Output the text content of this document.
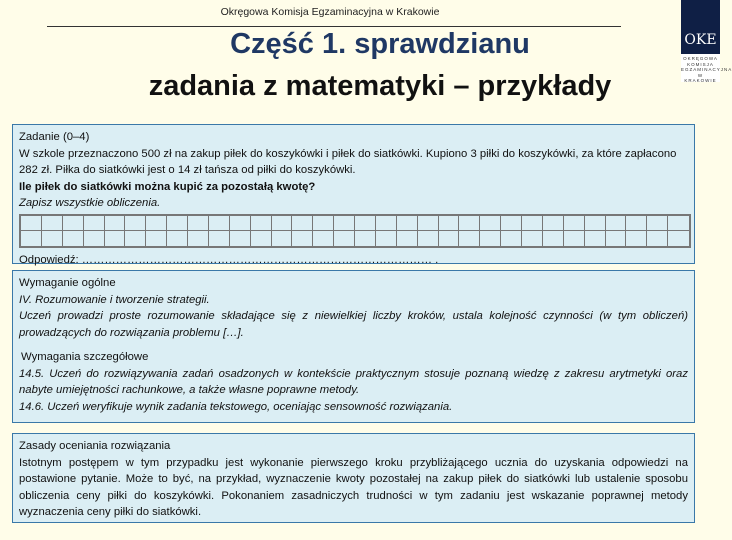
Okręgowa Komisja Egzaminacyjna w Krakowie
Część 1. sprawdzianu
zadania z matematyki – przykłady
OKE
OKRĘGOWA KOMISJA EGZAMINACYJNA W KRAKOWIE
Zadanie (0–4)
W szkole przeznaczono 500 zł na zakup piłek do koszykówki i piłek do siatkówki. Kupiono 3 piłki do koszykówki, za które zapłacono 282 zł. Piłka do siatkówki jest o 14 zł tańsza od piłki do koszykówki.
Ile piłek do siatkówki można kupić za pozostałą kwotę?
Zapisz wszystkie obliczenia.
Odpowiedź: ………………………………………………………………………………… .
Wymaganie ogólne
IV. Rozumowanie i tworzenie strategii.
Uczeń prowadzi proste rozumowanie składające się z niewielkiej liczby kroków, ustala kolejność czynności (w tym obliczeń) prowadzących do rozwiązania problemu […].
Wymagania szczegółowe
14.5. Uczeń do rozwiązywania zadań osadzonych w kontekście praktycznym stosuje poznaną wiedzę z zakresu arytmetyki oraz nabyte umiejętności rachunkowe, a także własne poprawne metody.
14.6. Uczeń weryfikuje wynik zadania tekstowego, oceniając sensowność rozwiązania.
Zasady oceniania rozwiązania
Istotnym postępem w tym przypadku jest wykonanie pierwszego kroku przybliżającego ucznia do uzyskania odpowiedzi na postawione pytanie. Może to być, na przykład, wyznaczenie kwoty pozostałej na zakup piłek do siatkówki lub ustalenie sposobu obliczenia ceny piłki do koszykówki. Pokonaniem zasadniczych trudności w tym zadaniu jest wskazanie poprawnej metody wyznaczenia ceny piłki do siatkówki.
